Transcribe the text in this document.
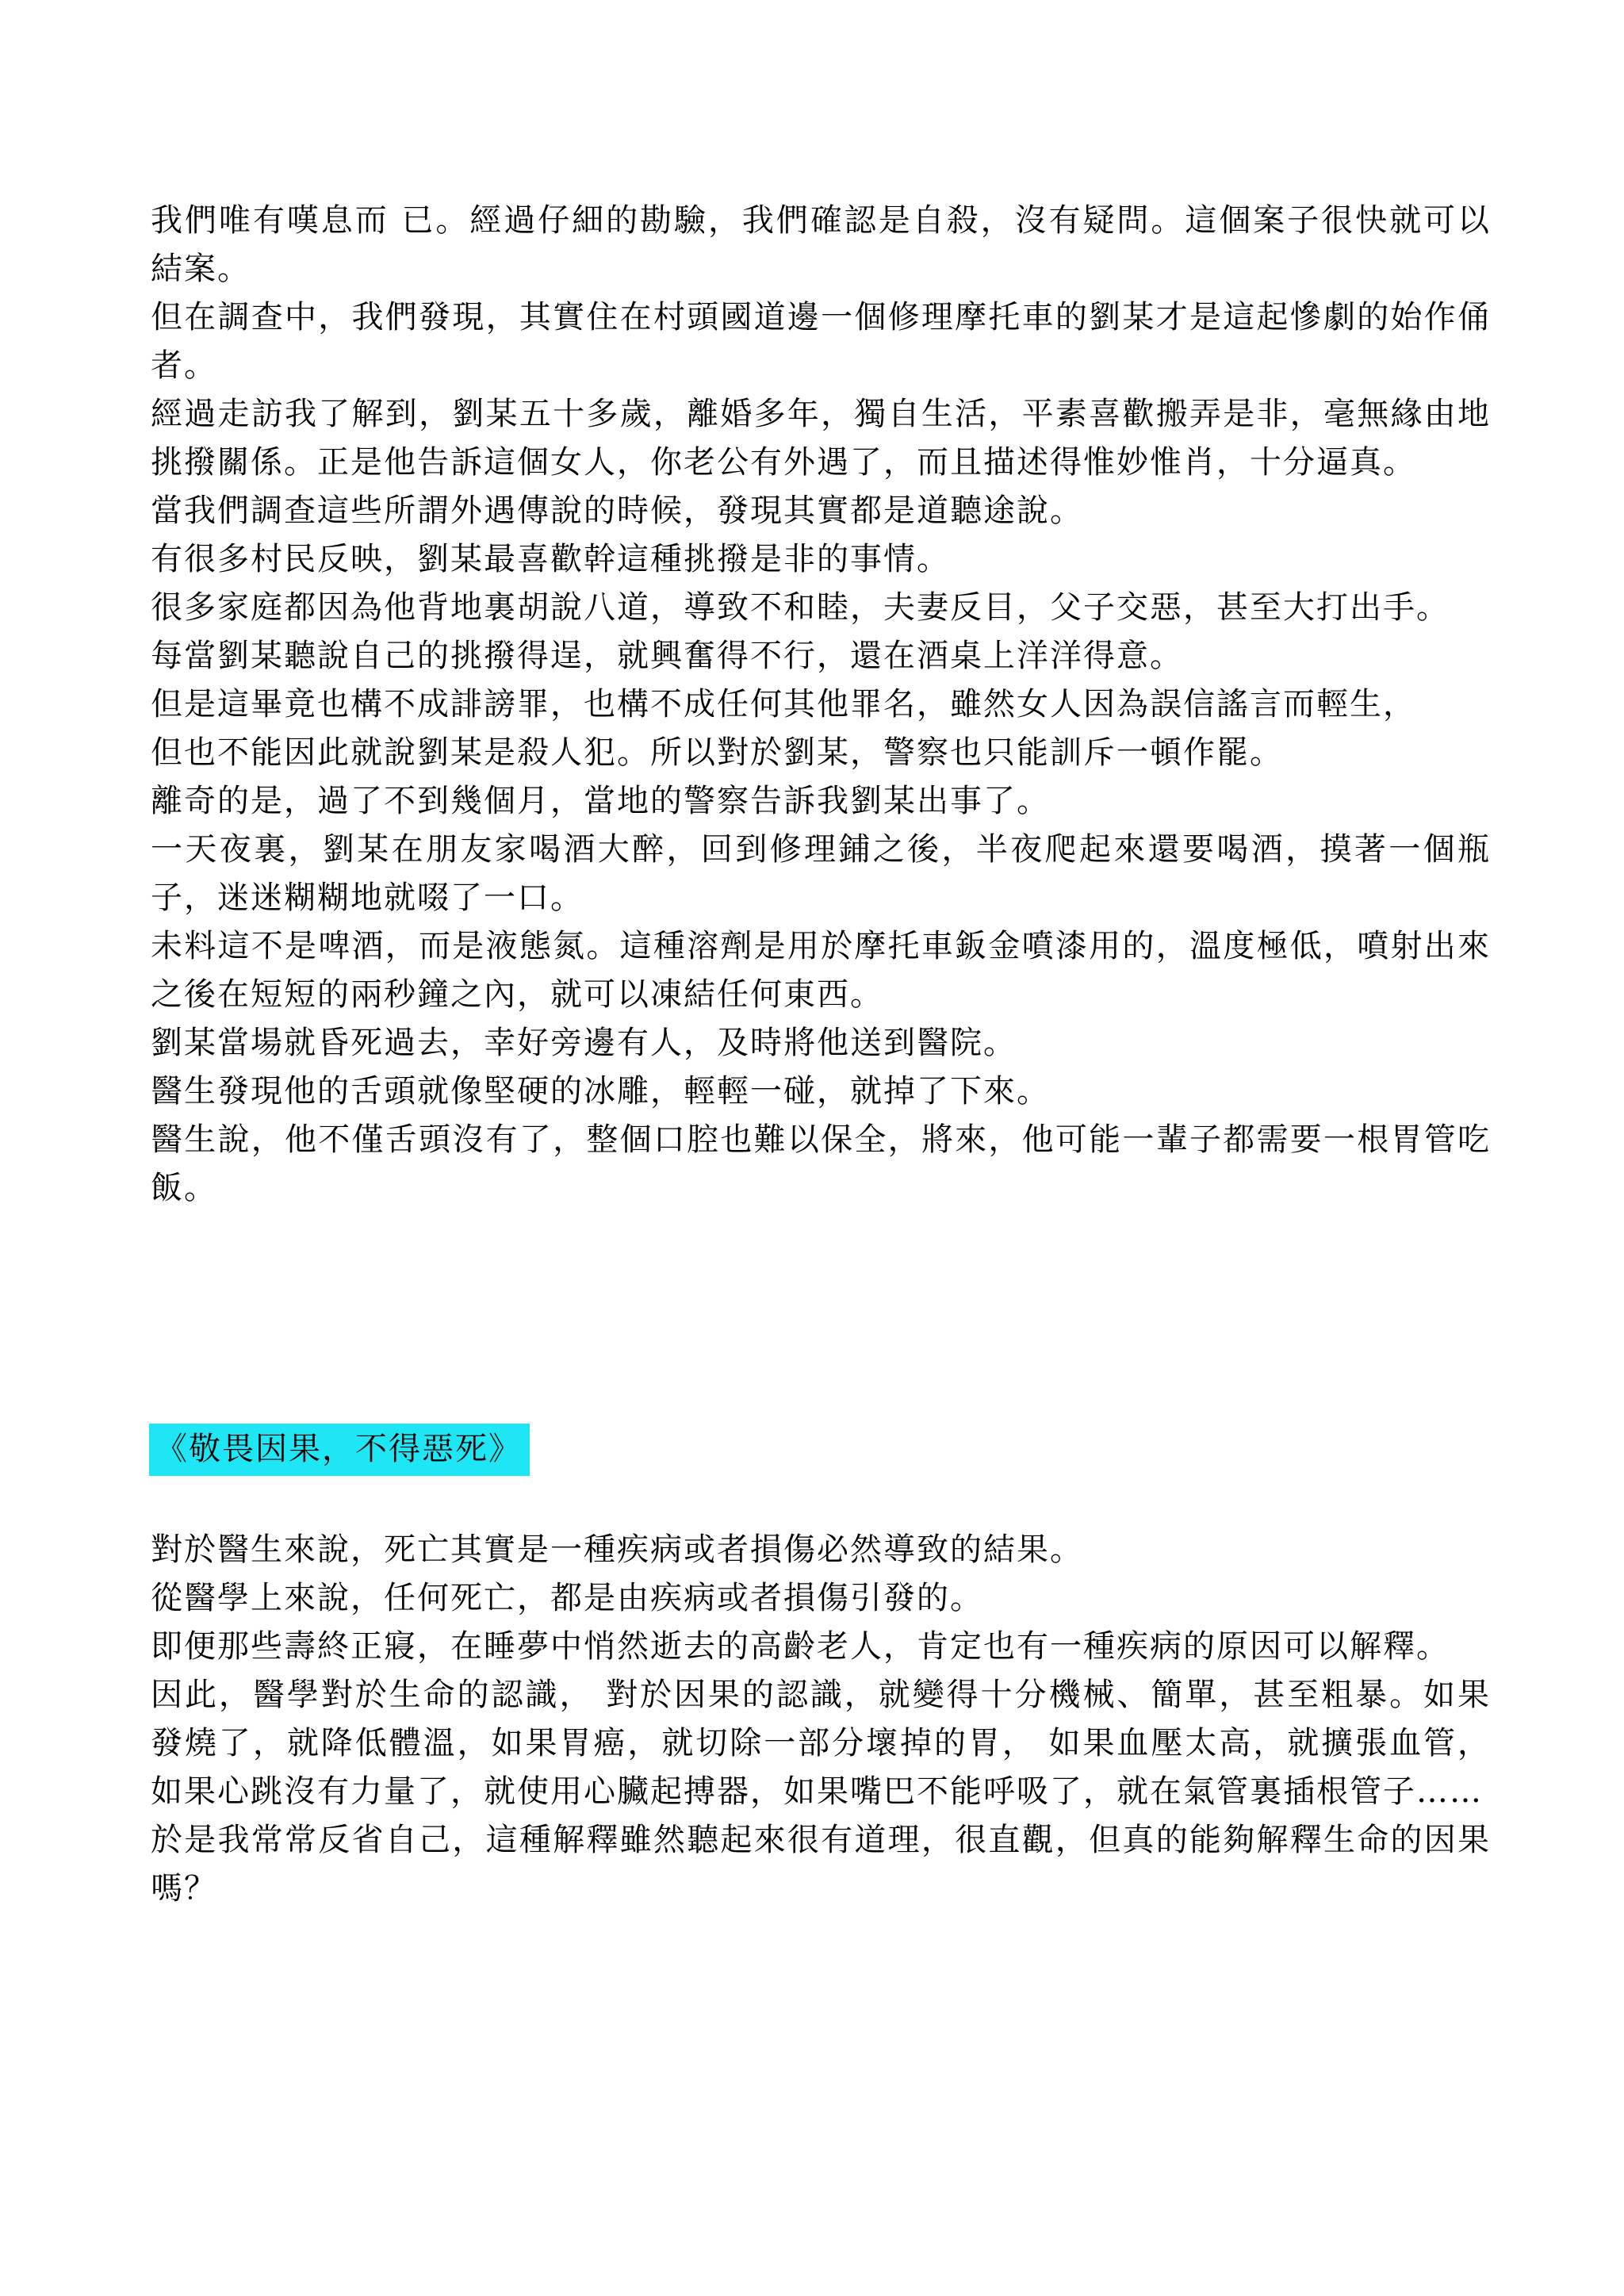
我們唯有嘆息而 已。經過仔細的勘驗，我們確認是自殺，沒有疑問。這個案子很快就可以結案。

但在調查中，我們發現，其實住在村頭國道邊一個修理摩托車的劉某才是這起慘劇的始作俑者。

經過走訪我了解到，劉某五十多歲，離婚多年，獨自生活，平素喜歡搬弄是非，毫無緣由地挑撥關係。正是他告訴這個女人，你老公有外遇了，而且描述得惟妙惟肖，十分逼真。

當我們調查這些所謂外遇傳說的時候，發現其實都是道聽途說。

有很多村民反映，劉某最喜歡幹這種挑撥是非的事情。

很多家庭都因為他背地裏胡說八道，導致不和睦，夫妻反目，父子交惡，甚至大打出手。

每當劉某聽說自己的挑撥得逞，就興奮得不行，還在酒桌上洋洋得意。

但是這畢竟也構不成誹謗罪，也構不成任何其他罪名，雖然女人因為誤信謠言而輕生，

但也不能因此就說劉某是殺人犯。所以對於劉某，警察也只能訓斥一頓作罷。

離奇的是，過了不到幾個月，當地的警察告訴我劉某出事了。

一天夜裏，劉某在朋友家喝酒大醉，回到修理鋪之後，半夜爬起來還要喝酒，摸著一個瓶子，迷迷糊糊地就啜了一口。

未料這不是啤酒，而是液態氮。這種溶劑是用於摩托車鈑金噴漆用的，溫度極低，噴射出來之後在短短的兩秒鐘之內，就可以凍結任何東西。

劉某當場就昏死過去，幸好旁邊有人，及時將他送到醫院。

醫生發現他的舌頭就像堅硬的冰雕，輕輕一碰，就掉了下來。

醫生說，他不僅舌頭沒有了，整個口腔也難以保全，將來，他可能一輩子都需要一根胃管吃飯。

《敬畏因果，不得惡死》

對於醫生來說，死亡其實是一種疾病或者損傷必然導致的結果。

從醫學上來說，任何死亡，都是由疾病或者損傷引發的。

即便那些壽終正寢，在睡夢中悄然逝去的高齡老人，肯定也有一種疾病的原因可以解釋。

因此，醫學對於生命的認識， 對於因果的認識，就變得十分機械、簡單，甚至粗暴。如果發燒了，就降低體溫，如果胃癌，就切除一部分壞掉的胃， 如果血壓太高，就擴張血管，如果心跳沒有力量了，就使用心臟起搏器，如果嘴巴不能呼吸了，就在氣管裏插根管子……

於是我常常反省自己，這種解釋雖然聽起來很有道理，很直觀，但真的能夠解釋生命的因果嗎？
